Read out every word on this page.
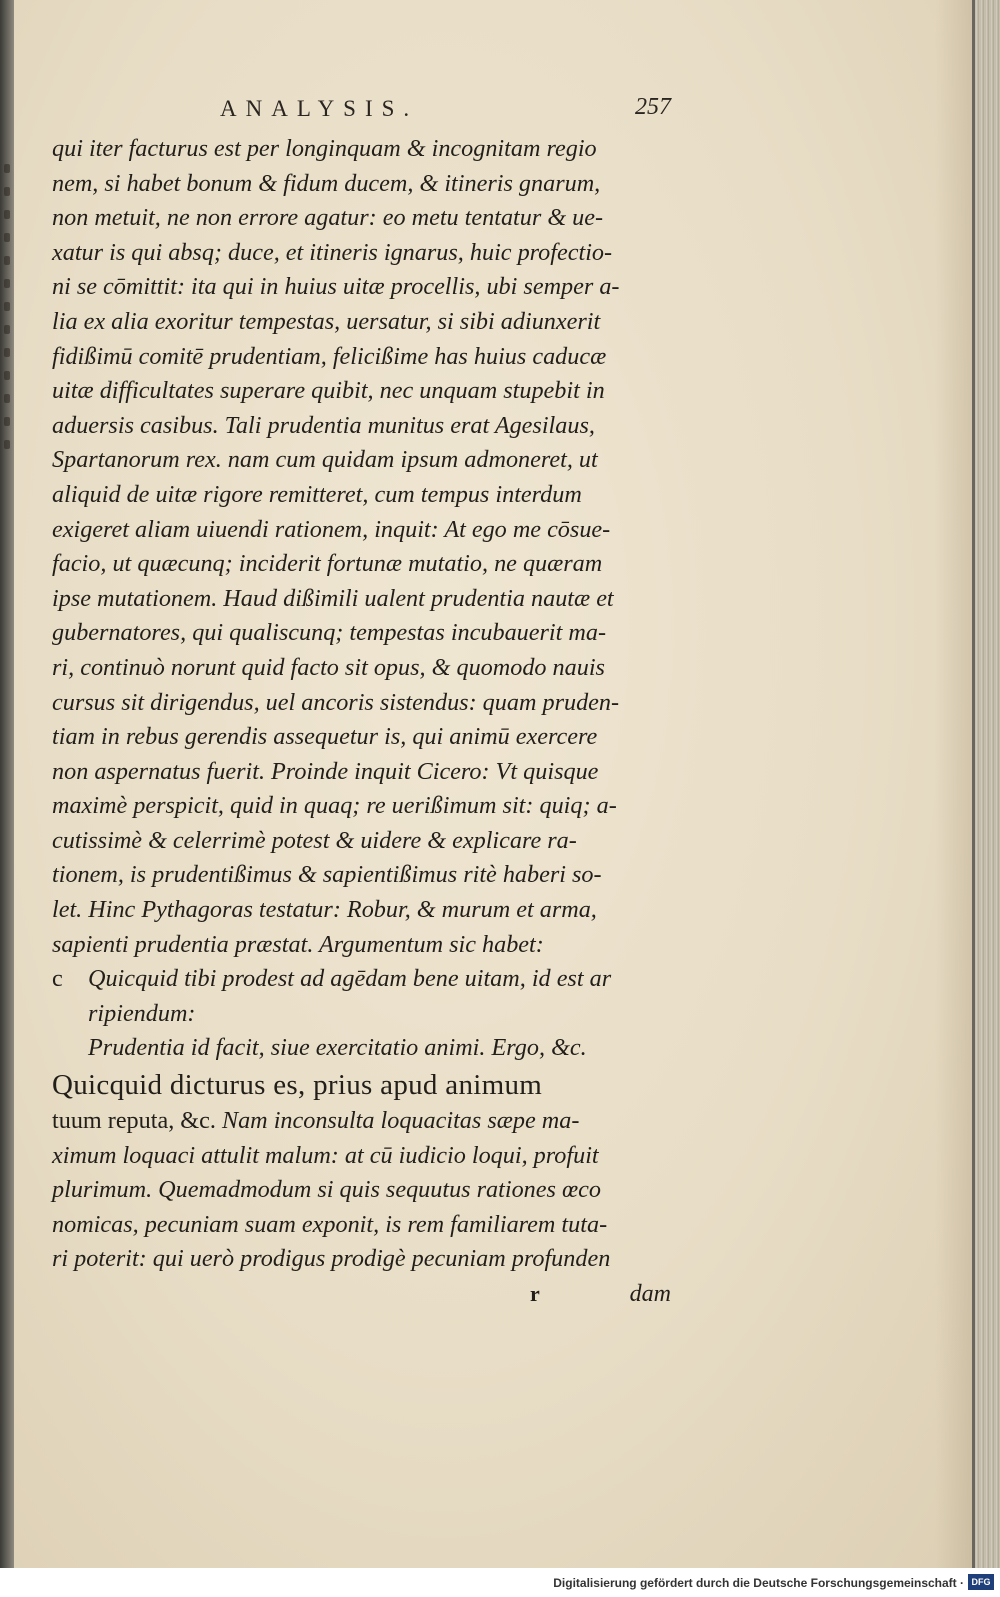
ANALYSIS.	257
qui iter facturus est per longinquam & incognitam regio
nem, si habet bonum & fidum ducem, & itineris gnarum,
non metuit, ne non errore agatur: eo metu tentatur & ue-
xatur is qui absq; duce, et itineris ignarus, huic profectio-
ni se cōmittit: ita qui in huius uitæ procellis, ubi semper a-
lia ex alia exoritur tempestas, uersatur, si sibi adiunxerit
fidißimū comitē prudentiam, felicißime has huius caducæ
uitæ difficultates superare quibit, nec unquam stupebit in
aduersis casibus. Tali prudentia munitus erat Agesilaus,
Spartanorum rex. nam cum quidam ipsum admoneret, ut
aliquid de uitæ rigore remitteret, cum tempus interdum
exigeret aliam uiuendi rationem, inquit: At ego me cōsue-
facio, ut quæcunq; inciderit fortunæ mutatio, ne quæram
ipse mutationem. Haud dißimili ualent prudentia nautæ et
gubernatores, qui qualiscunq; tempestas incubauerit ma-
ri, continuò norunt quid facto sit opus, & quomodo nauis
cursus sit dirigendus, uel ancoris sistendus: quam pruden-
tiam in rebus gerendis assequetur is, qui animū exercere
non aspernatus fuerit. Proinde inquit Cicero: Vt quisque
maximè perspicit, quid in quaq; re uerißimum sit: quiq; a-
cutissimè & celerrimè potest & uidere & explicare ra-
tionem, is prudentißimus & sapientißimus ritè haberi so-
let. Hinc Pythagoras testatur: Robur, & murum et arma,
sapienti prudentia præstat. Argumentum sic habet:
c Quicquid tibi prodest ad agēdam bene uitam, id est ar
ripiendum:
Prudentia id facit, siue exercitatio animi. Ergo, &c.
Quicquid dicturus es, prius apud animum
tuum reputa, &c. Nam inconsulta loquacitas sæpe ma-
ximum loquaci attulit malum: at cū iudicio loqui, profuit
plurimum. Quemadmodum si quis sequutus rationes œco
nomicas, pecuniam suam exponit, is rem familiarem tuta-
ri poterit: qui uerò prodigus prodigè pecuniam profunden
r	dam
Digitalisierung gefördert durch die Deutsche Forschungsgemeinschaft · DFG
